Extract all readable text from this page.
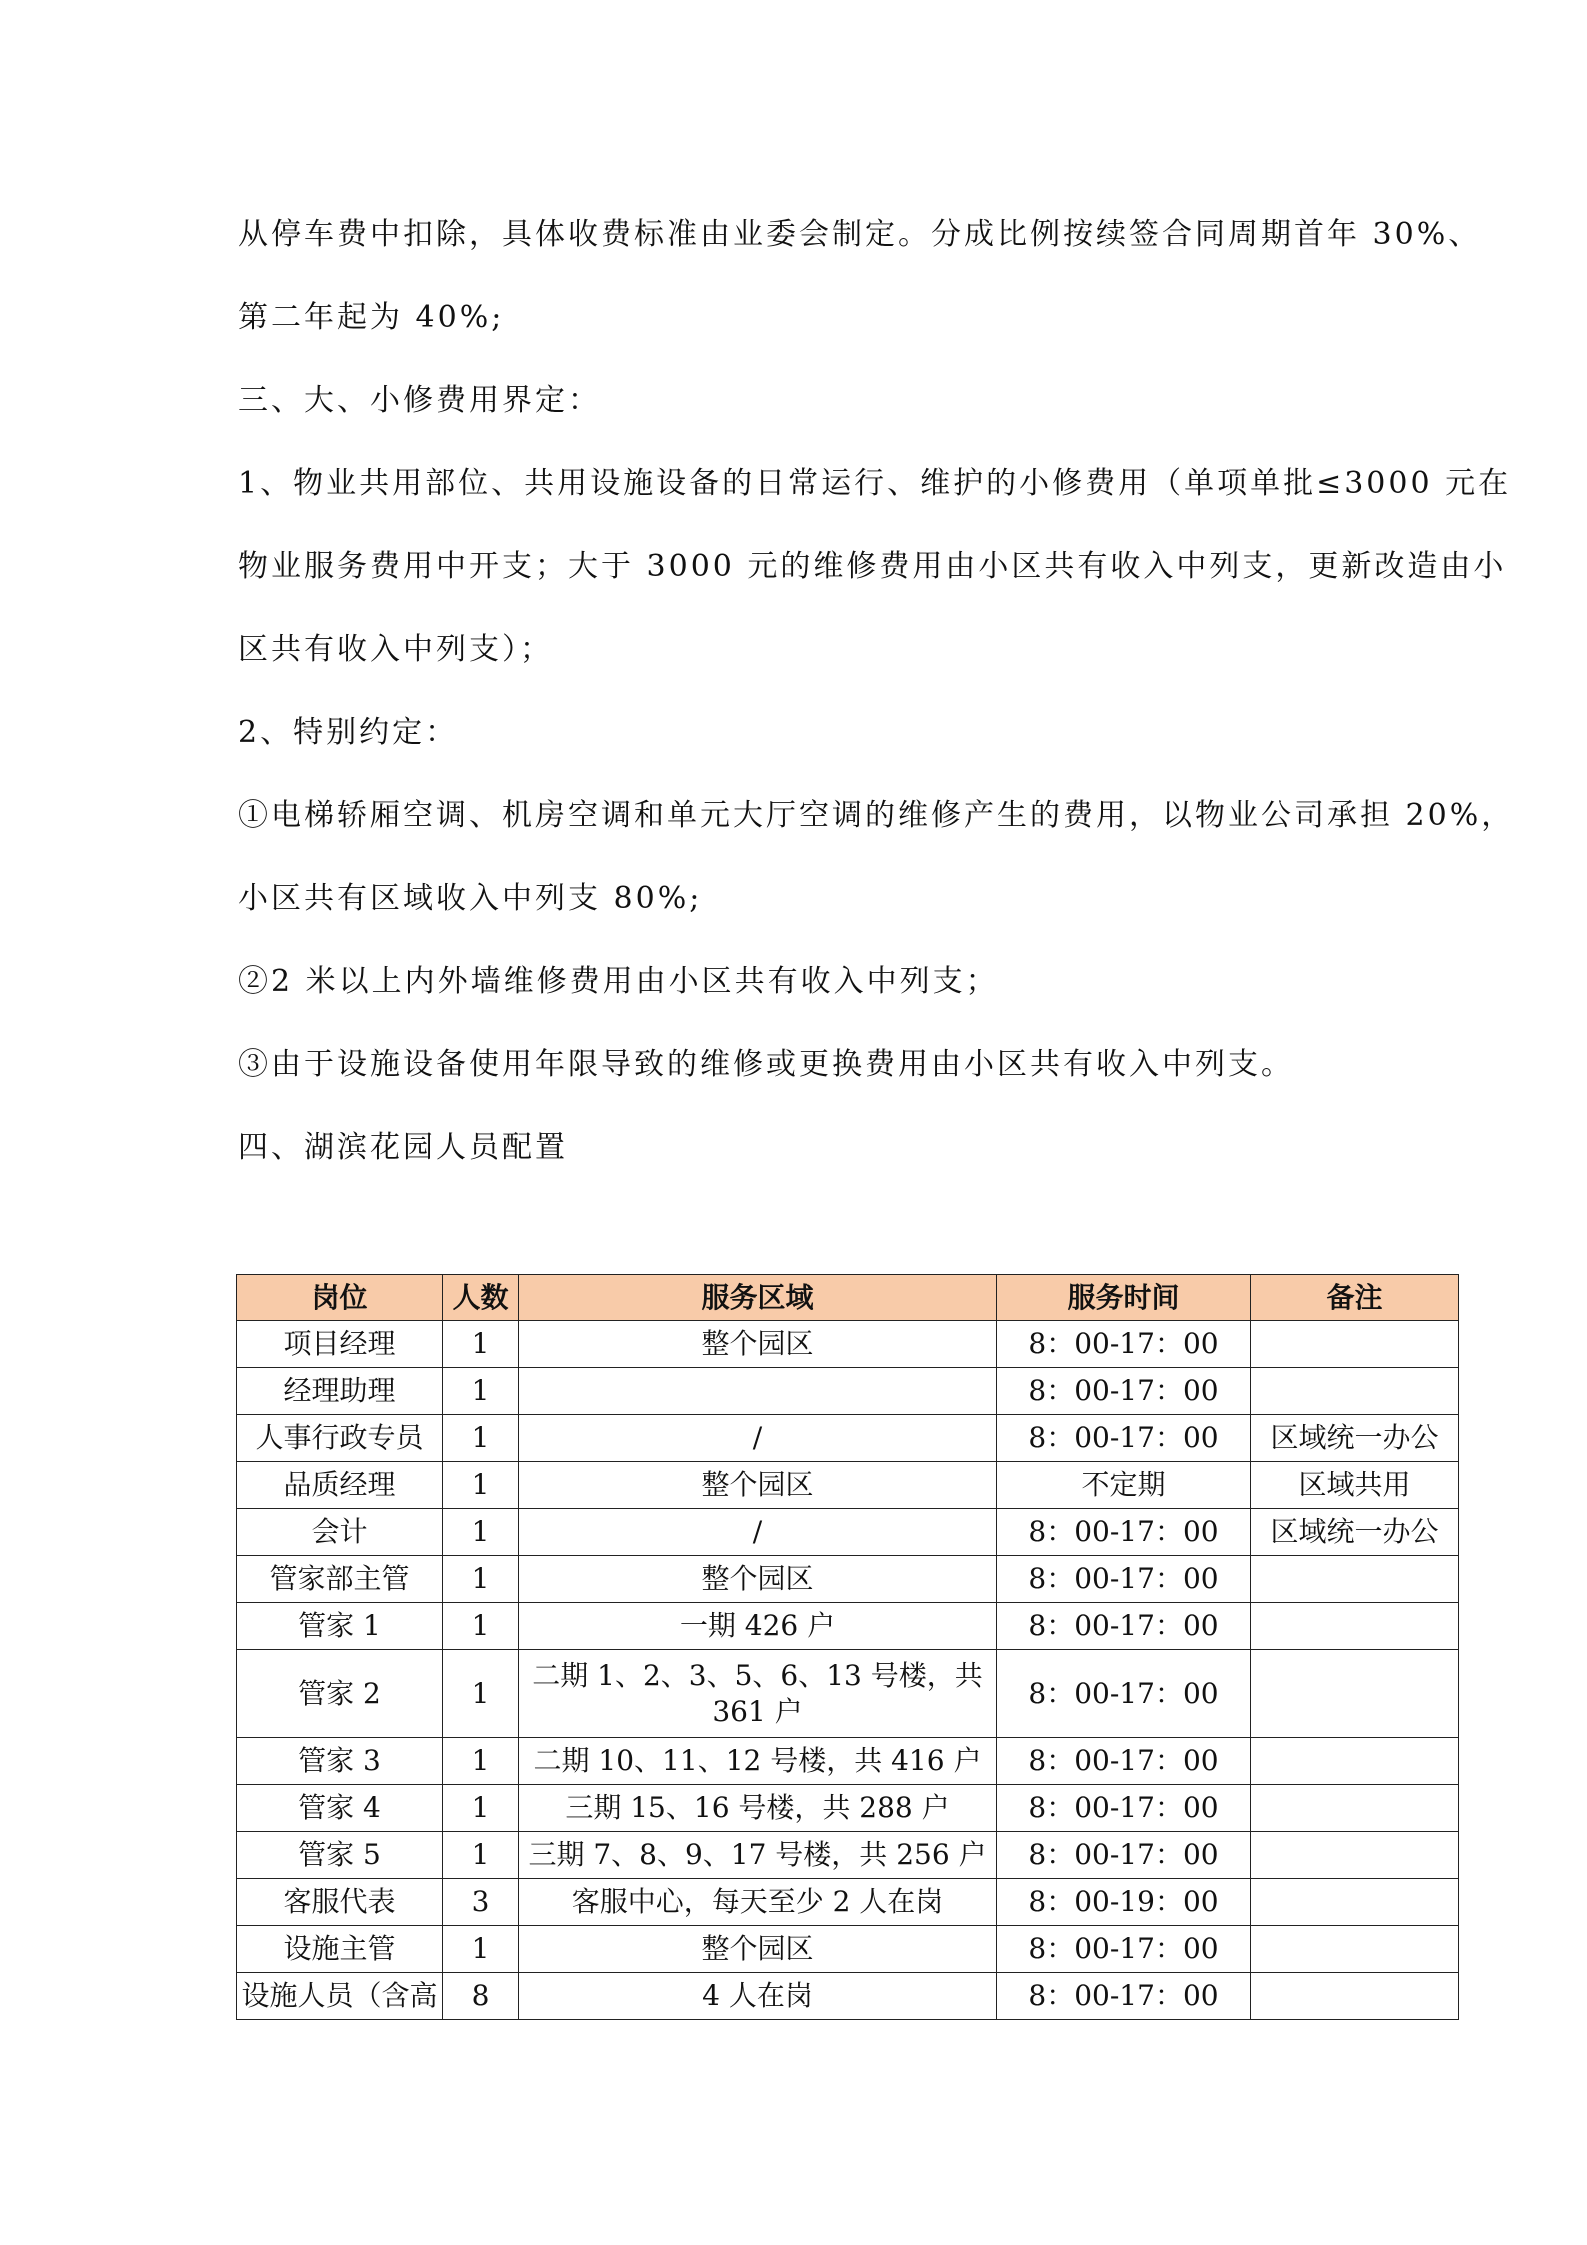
从停车费中扣除，具体收费标准由业委会制定。分成比例按续签合同周期首年 30%、
第二年起为 40%;
三、大、小修费用界定：
1、物业共用部位、共用设施设备的日常运行、维护的小修费用（单项单批≤3000 元在
物业服务费用中开支；大于 3000 元的维修费用由小区共有收入中列支，更新改造由小
区共有收入中列支）；
2、特别约定：
①电梯轿厢空调、机房空调和单元大厅空调的维修产生的费用，以物业公司承担 20%，
小区共有区域收入中列支 80%;
②2 米以上内外墙维修费用由小区共有收入中列支；
③由于设施设备使用年限导致的维修或更换费用由小区共有收入中列支。
四、湖滨花园人员配置
岗位	人数	服务区域	服务时间	备注
项目经理	1	整个园区	8：00-17：00	
经理助理	1		8：00-17：00	
人事行政专员	1	/	8：00-17：00	区域统一办公
品质经理	1	整个园区	不定期	区域共用
会计	1	/	8：00-17：00	区域统一办公
管家部主管	1	整个园区	8：00-17：00	
管家 1	1	一期 426 户	8：00-17：00	
管家 2	1	二期 1、2、3、5、6、13 号楼，共 361 户	8：00-17：00	
管家 3	1	二期 10、11、12 号楼，共 416 户	8：00-17：00	
管家 4	1	三期 15、16 号楼，共 288 户	8：00-17：00	
管家 5	1	三期 7、8、9、17 号楼，共 256 户	8：00-17：00	
客服代表	3	客服中心，每天至少 2 人在岗	8：00-19：00	
设施主管	1	整个园区	8：00-17：00	
设施人员（含高	8	4 人在岗	8：00-17：00	
